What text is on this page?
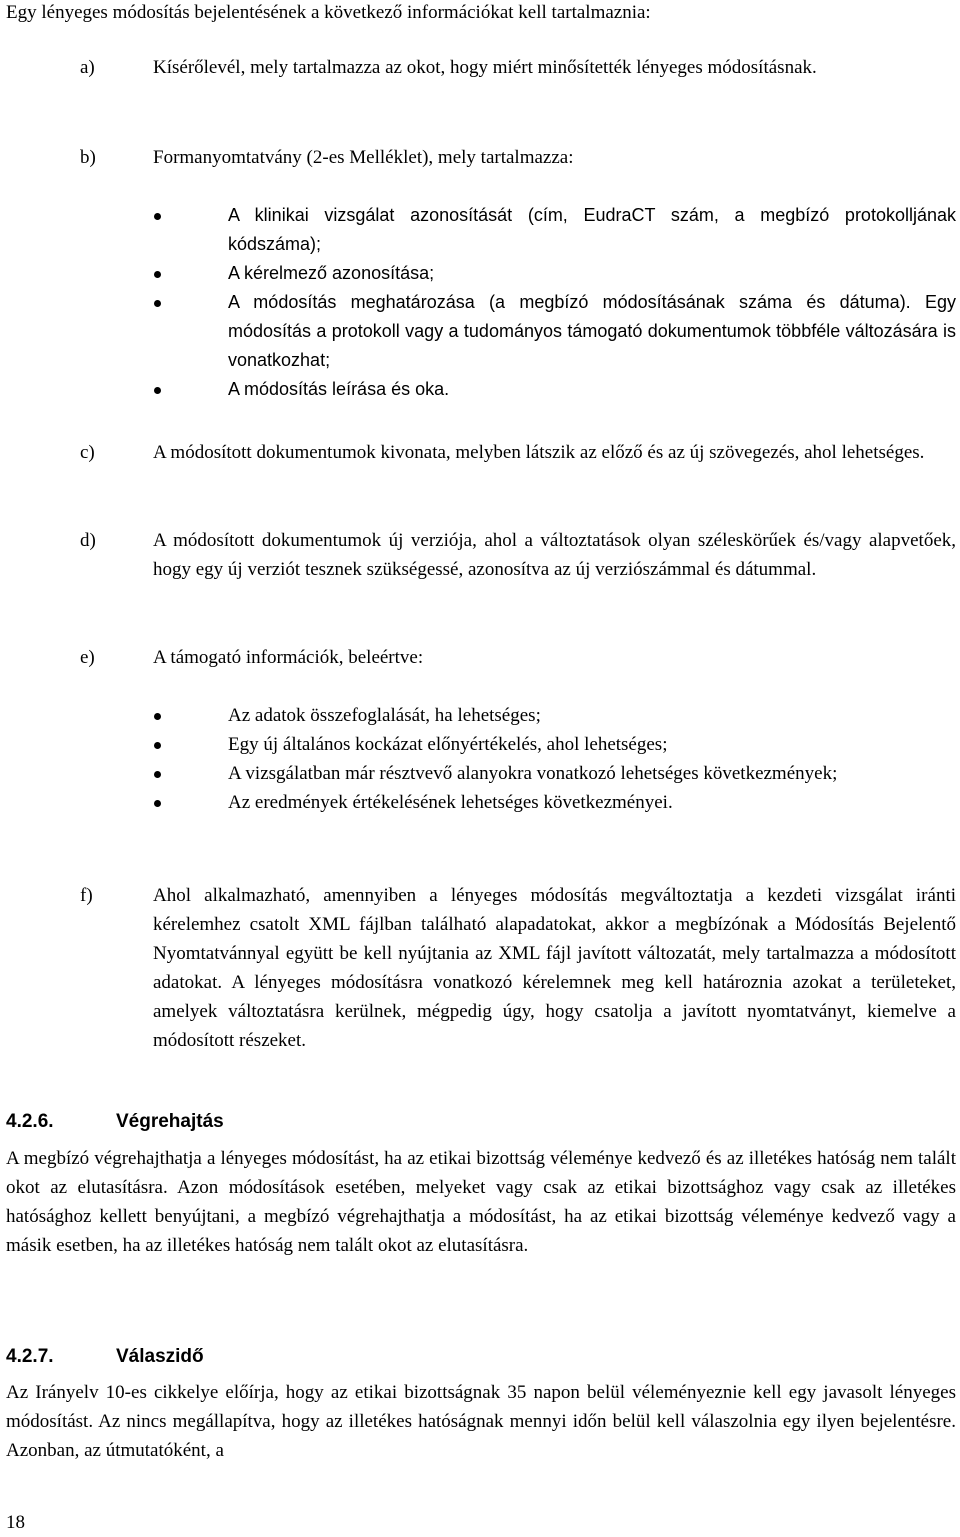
Egy lényeges módosítás bejelentésének a következő információkat kell tartalmaznia:
a)	Kísérőlevél, mely tartalmazza az okot, hogy miért minősítették lényeges módosításnak.
b)	Formanyomtatvány (2-es Melléklet), mely tartalmazza:
A klinikai vizsgálat azonosítását (cím, EudraCT szám, a megbízó protokolljának kódszáma);
A kérelmező azonosítása;
A módosítás meghatározása (a megbízó módosításának száma és dátuma). Egy módosítás a protokoll vagy a tudományos támogató dokumentumok többféle változására is vonatkozhat;
A módosítás leírása és oka.
c)	A módosított dokumentumok kivonata, melyben látszik az előző és az új szövegezés, ahol lehetséges.
d)	A módosított dokumentumok új verziója, ahol a változtatások olyan széleskörűek és/vagy alapvetőek, hogy egy új verziót tesznek szükségessé, azonosítva az új verziószámmal és dátummal.
e)	A támogató információk, beleértve:
Az adatok összefoglalását, ha lehetséges;
Egy új általános kockázat előnyértékelés, ahol lehetséges;
A vizsgálatban már résztvevő alanyokra vonatkozó lehetséges következmények;
Az eredmények értékelésének lehetséges következményei.
f)	Ahol alkalmazható, amennyiben a lényeges módosítás megváltoztatja a kezdeti vizsgálat iránti kérelemhez csatolt XML fájlban található alapadatokat, akkor a megbízónak a Módosítás Bejelentő Nyomtatvánnyal együtt be kell nyújtania az XML fájl javított változatát, mely tartalmazza a módosított adatokat. A lényeges módosításra vonatkozó kérelemnek meg kell határoznia azokat a területeket, amelyek változtatásra kerülnek, mégpedig úgy, hogy csatolja a javított nyomtatványt, kiemelve a módosított részeket.
4.2.6.	Végrehajtás
A megbízó végrehajthatja a lényeges módosítást, ha az etikai bizottság véleménye kedvező és az illetékes hatóság nem talált okot az elutasításra. Azon módosítások esetében, melyeket vagy csak az etikai bizottsághoz vagy csak az illetékes hatósághoz kellett benyújtani, a megbízó végrehajthatja a módosítást, ha az etikai bizottság véleménye kedvező vagy a másik esetben, ha az illetékes hatóság nem talált okot az elutasításra.
4.2.7.	Válaszidő
Az Irányelv 10-es cikkelye előírja, hogy az etikai bizottságnak 35 napon belül véleményeznie kell egy javasolt lényeges módosítást. Az nincs megállapítva, hogy az illetékes hatóságnak mennyi időn belül kell válaszolnia egy ilyen bejelentésre. Azonban, az útmutatóként, a
18
